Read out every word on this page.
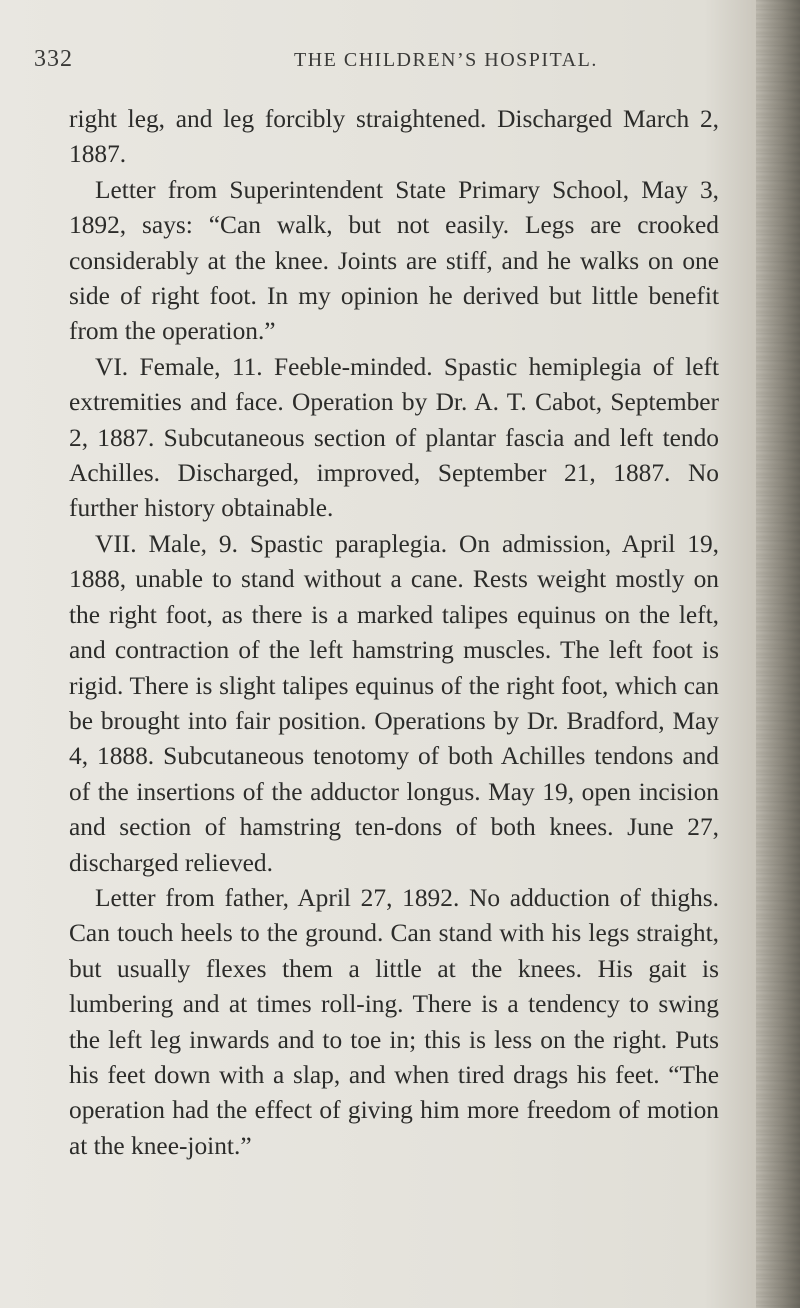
332	THE CHILDREN’S HOSPITAL.

right leg, and leg forcibly straightened. Discharged March 2, 1887.

Letter from Superintendent State Primary School, May 3, 1892, says: “Can walk, but not easily. Legs are crooked considerably at the knee. Joints are stiff, and he walks on one side of right foot. In my opinion he derived but little benefit from the operation.”

VI. Female, 11. Feeble-minded. Spastic hemiplegia of left extremities and face. Operation by Dr. A. T. Cabot, September 2, 1887. Subcutaneous section of plantar fascia and left tendo Achilles. Discharged, improved, September 21, 1887. No further history obtainable.

VII. Male, 9. Spastic paraplegia. On admission, April 19, 1888, unable to stand without a cane. Rests weight mostly on the right foot, as there is a marked talipes equinus on the left, and contraction of the left hamstring muscles. The left foot is rigid. There is slight talipes equinus of the right foot, which can be brought into fair position. Operations by Dr. Bradford, May 4, 1888. Subcutaneous tenotomy of both Achilles tendons and of the insertions of the adductor longus. May 19, open incision and section of hamstring ten-dons of both knees. June 27, discharged relieved.

Letter from father, April 27, 1892. No adduction of thighs. Can touch heels to the ground. Can stand with his legs straight, but usually flexes them a little at the knees. His gait is lumbering and at times roll-ing. There is a tendency to swing the left leg inwards and to toe in; this is less on the right. Puts his feet down with a slap, and when tired drags his feet. “The operation had the effect of giving him more freedom of motion at the knee-joint.”
